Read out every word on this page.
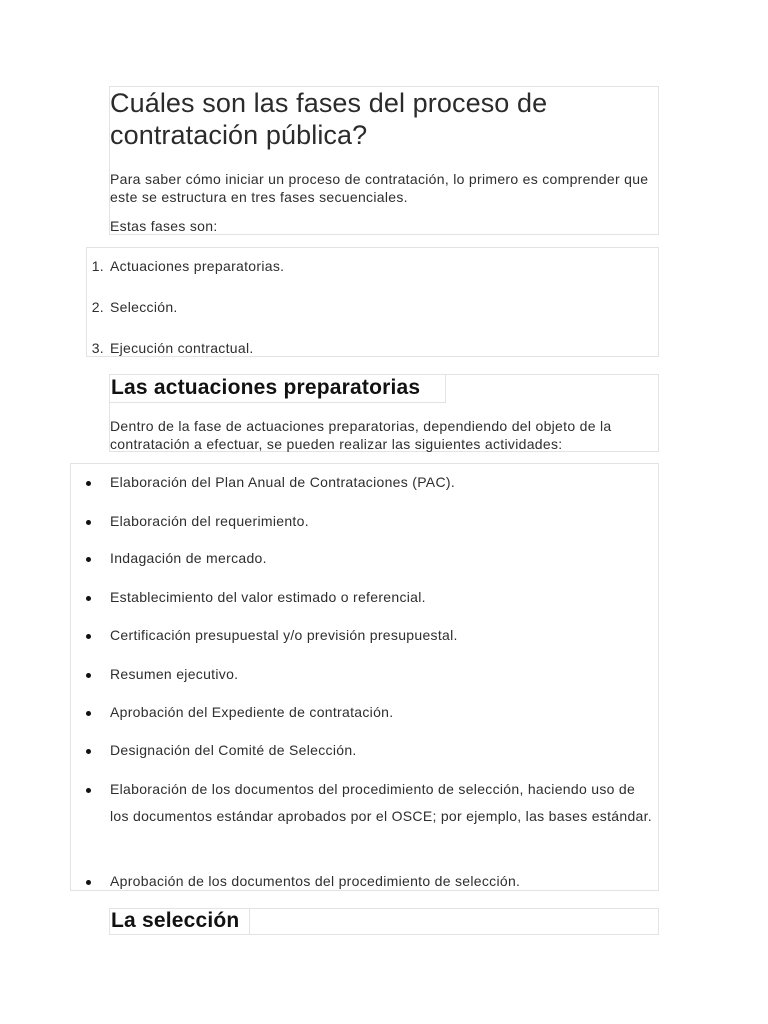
Cuáles son las fases del proceso de contratación pública?

Para saber cómo iniciar un proceso de contratación, lo primero es comprender que este se estructura en tres fases secuenciales.

Estas fases son:

1. Actuaciones preparatorias.
2. Selección.
3. Ejecución contractual.
Las actuaciones preparatorias

Dentro de la fase de actuaciones preparatorias, dependiendo del objeto de la contratación a efectuar, se pueden realizar las siguientes actividades:

Elaboración del Plan Anual de Contrataciones (PAC).
Elaboración del requerimiento.
Indagación de mercado.
Establecimiento del valor estimado o referencial.
Certificación presupuestal y/o previsión presupuestal.
Resumen ejecutivo.
Aprobación del Expediente de contratación.
Designación del Comité de Selección.
Elaboración de los documentos del procedimiento de selección, haciendo uso de los documentos estándar aprobados por el OSCE; por ejemplo, las bases estándar.
Aprobación de los documentos del procedimiento de selección.
La selección
